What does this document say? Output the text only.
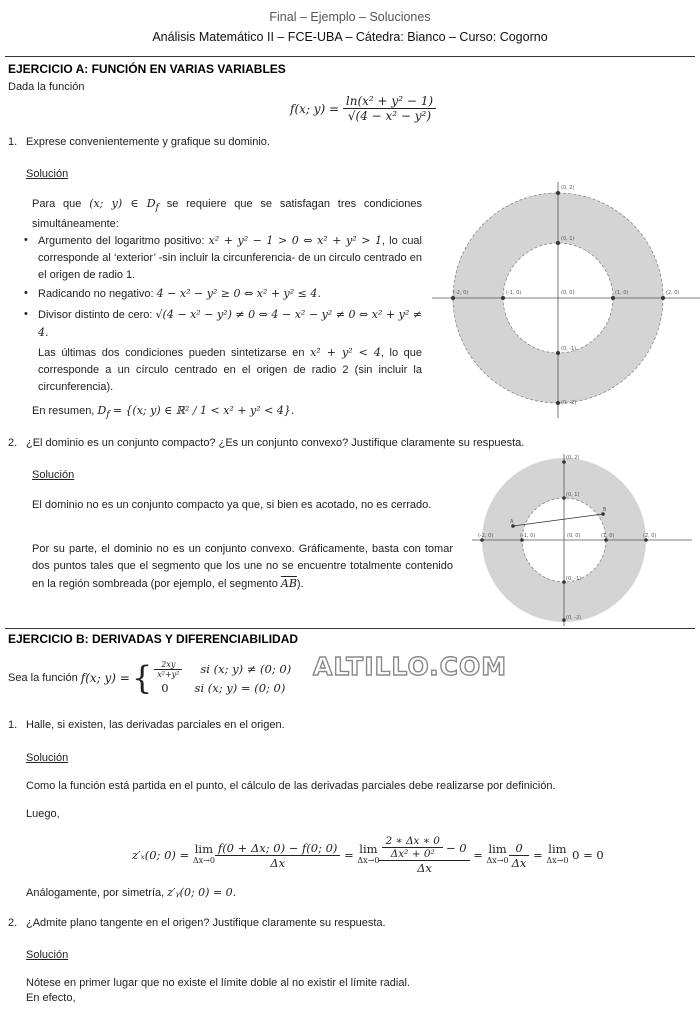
Final – Ejemplo – Soluciones
Análisis Matemático II – FCE-UBA – Cátedra: Bianco – Curso: Cogorno
EJERCICIO A: FUNCIÓN EN VARIAS VARIABLES
Dada la función
f(x; y) =
$\frac{\text{ln(x² + y² − 1)}}{\text{√(4 − x² − y²)}}$
1. Exprese convenientemente y grafique su dominio.
Solución
Para que (x; y) ∈ $D_f$ se requiere que se satisfagan tres condiciones simultáneamente:
• Argumento del logaritmo positivo: x² + y² − 1 > 0 ⇔ x² + y² > 1, lo cual corresponde al ‘exterior’ -sin incluir la circunferencia- de un circulo centrado en el origen de radio 1.
• Radicando no negativo: 4 − x² − y² ≥ 0 ⇔ x² + y² ≤ 4.
• Divisor distinto de cero: √(4 − x² − y²) ≠ 0 ⇔ 4 − x² − y² ≠ 0 ⇔ x² + y² ≠ 4.
Las últimas dos condiciones pueden sintetizarse en x² + y² < 4, lo que corresponde a un círculo centrado en el origen de radio 2 (sin incluir la circunferencia).
En resumen, $D_f = \{(x$; y) ∈ ℝ² / 1 < x² + y² < 4}.
(0, 2)
(0, 1)
(-2, 0)	(-1, 0)	(0, 0)	(1, 0)	(2, 0)
(0, -1)
(0, -2)
2. ¿El dominio es un conjunto compacto? ¿Es un conjunto convexo? Justifique claramente su respuesta.
Solución
El dominio no es un conjunto compacto ya que, si bien es acotado, no es cerrado.
Por su parte, el dominio no es un conjunto convexo. Gráficamente, basta con tomar dos puntos tales que el segmento que los une no se encuentre totalmente contenido en la región sombreada (por ejemplo, el segmento $\overline{AB}$).
(0, 2)
(0, 1)
(-2, 0)	(-1, 0)	(0, 0)	(1, 0)	(2, 0)
(0, -1)
(0, -2)
A
B
EJERCICIO B: DERIVADAS Y DIFERENCIABILIDAD
Sea la función
f(x; y) = { $\frac{2xy}{\text{x²+y²}}$ si (x; y) ≠ (0; 0)
0 si (x; y) = (0; 0)
ALTILLO.COM
1. Halle, si existen, las derivadas parciales en el origen.
Solución
Como la función está partida en el punto, el cálculo de las derivadas parciales debe realizarse por definición.
Luego,
z′ₓ(0; 0) =
lim
$\Delta x\to 0 \frac{f(0 + \Delta x; 0) - f(0; 0)}{\Delta x}$
=
lim
$\Delta x\to 0 \frac{\frac{2 ∗ \Delta x ∗ 0}{\text{Δx² + 0²}} - 0}{\Delta x}$
=
lim
$\Delta x\to 0 \frac{0}{\Delta x}$
=
lim
Δx→0
0 = 0
Análogamente, por simetría, z′ᵧ(0; 0) = 0.
2. ¿Admite plano tangente en el origen? Justifique claramente su respuesta.
Solución
Nótese en primer lugar que no existe el límite doble al no existir el límite radial.
En efecto,
